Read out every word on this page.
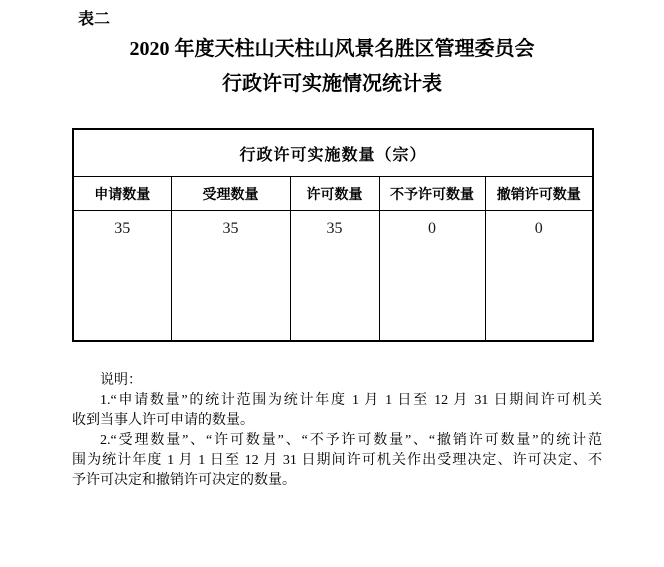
表二
2020 年度天柱山天柱山风景名胜区管理委员会
行政许可实施情况统计表
行政许可实施数量（宗）				
申请数量	受理数量	许可数量	不予许可数量	撤销许可数量
35	35	35	0	0
说明：
1.“申请数量”的统计范围为统计年度 1 月 1 日至 12 月 31 日期间许可机关
收到当事人许可申请的数量。
2.“受理数量”、“许可数量”、“不予许可数量”、“撤销许可数量”的统计范
围为统计年度 1 月 1 日至 12 月 31 日期间许可机关作出受理决定、许可决定、不
予许可决定和撤销许可决定的数量。
